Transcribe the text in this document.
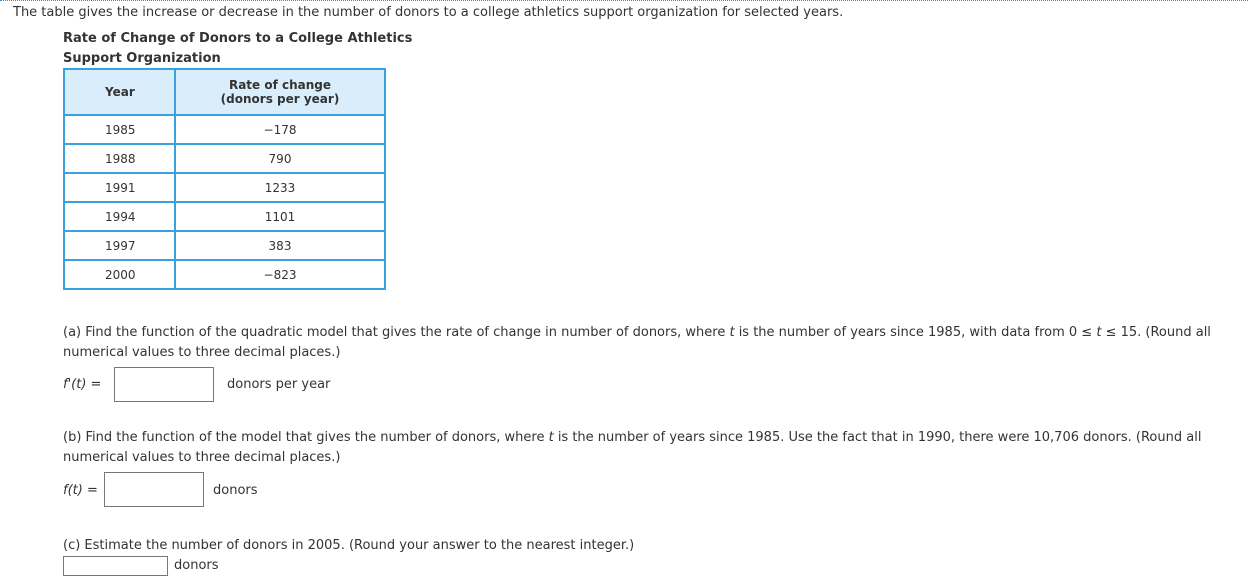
The table gives the increase or decrease in the number of donors to a college athletics support organization for selected years.
Rate of Change of Donors to a College Athletics
Support Organization
Year	Rate of change
(donors per year)

1985	−178
1988	790
1991	1233
1994	1101
1997	383
2000	−823
(a) Find the function of the quadratic model that gives the rate of change in number of donors, where t is the number of years since 1985, with data from 0 ≤ t ≤ 15. (Round all numerical values to three decimal places.)
f'(t) =	donors per year
(b) Find the function of the model that gives the number of donors, where t is the number of years since 1985. Use the fact that in 1990, there were 10,706 donors. (Round all numerical values to three decimal places.)
f(t) =	donors
(c) Estimate the number of donors in 2005. (Round your answer to the nearest integer.)
donors
